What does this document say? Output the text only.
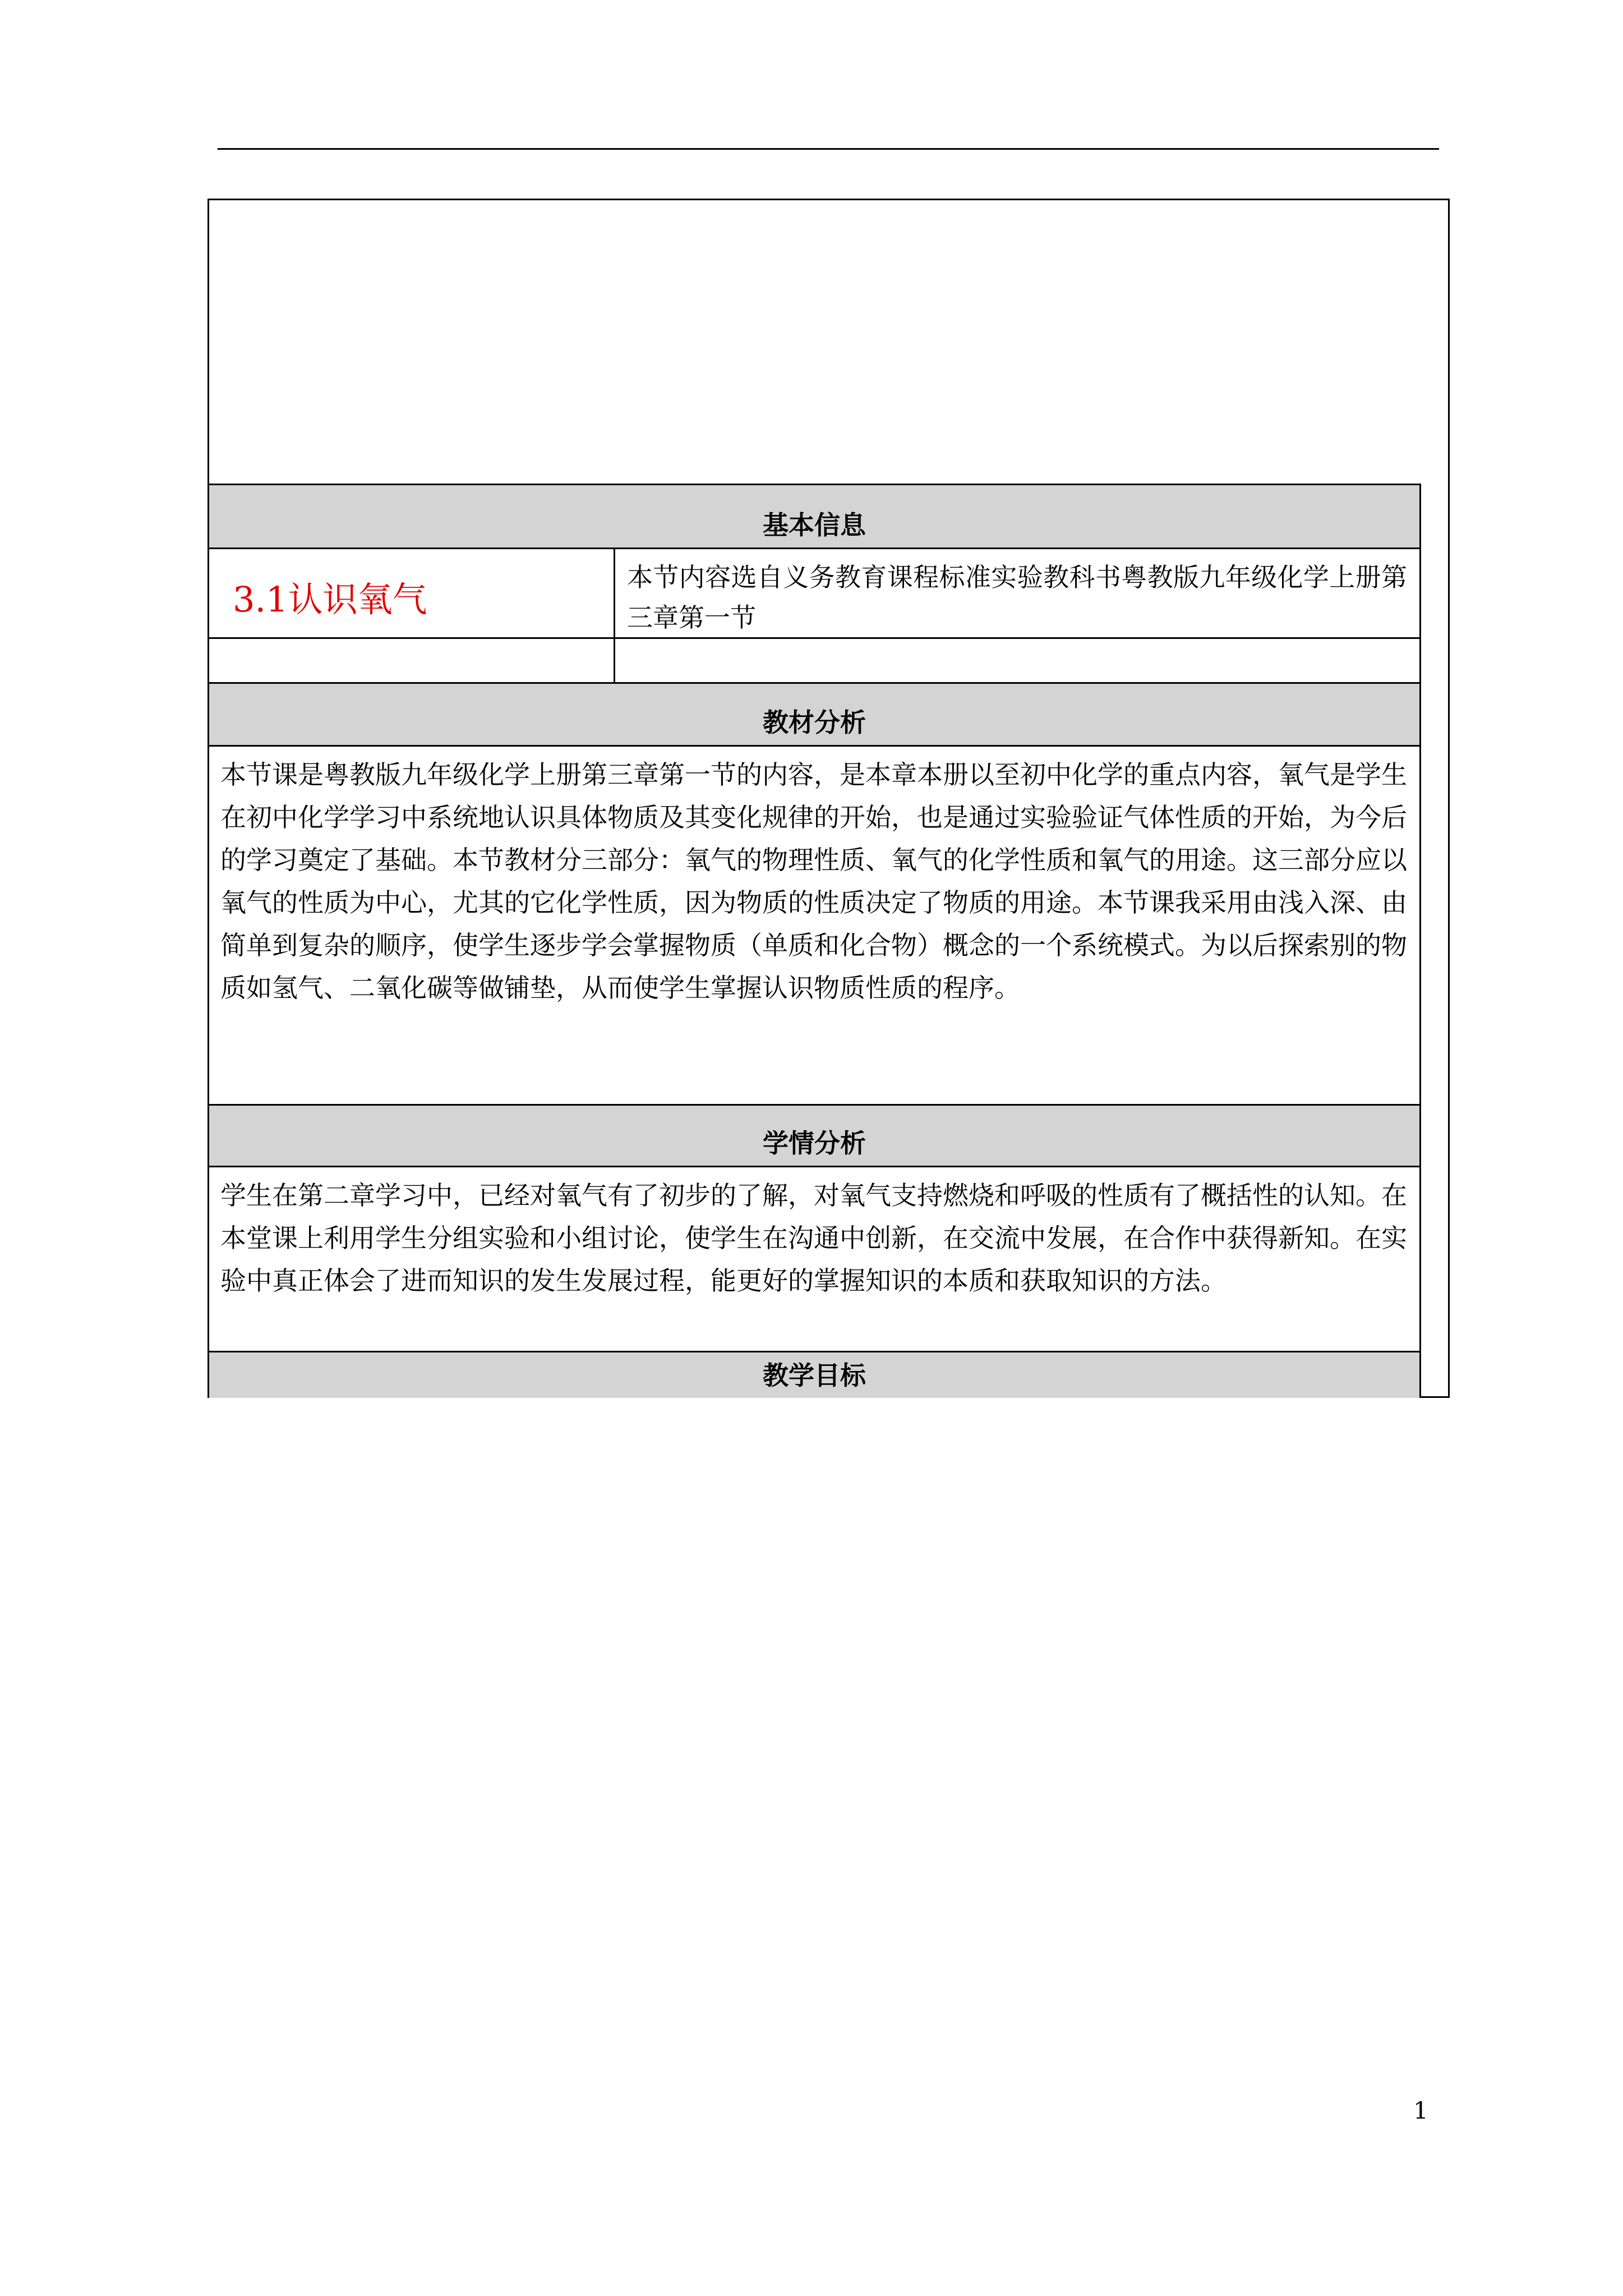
基本信息
3.1认识氧气

本节内容选自义务教育课程标准实验教科书粤教版九年级化学上册第三章第一节

教材分析

本节课是粤教版九年级化学上册第三章第一节的内容，是本章本册以至初中化学的重点内容，氧气是学生在初中化学学习中系统地认识具体物质及其变化规律的开始，也是通过实验验证气体性质的开始，为今后的学习奠定了基础。本节教材分三部分：氧气的物理性质、氧气的化学性质和氧气的用途。这三部分应以氧气的性质为中心，尤其的它化学性质，因为物质的性质决定了物质的用途。本节课我采用由浅入深、由简单到复杂的顺序，使学生逐步学会掌握物质（单质和化合物）概念的一个系统模式。为以后探索别的物质如氢气、二氧化碳等做铺垫，从而使学生掌握认识物质性质的程序。

学情分析

学生在第二章学习中，已经对氧气有了初步的了解，对氧气支持燃烧和呼吸的性质有了概括性的认知。在本堂课上利用学生分组实验和小组讨论，使学生在沟通中创新，在交流中发展，在合作中获得新知。在实验中真正体会了进而知识的发生发展过程，能更好的掌握知识的本质和获取知识的方法。

教学目标
1
